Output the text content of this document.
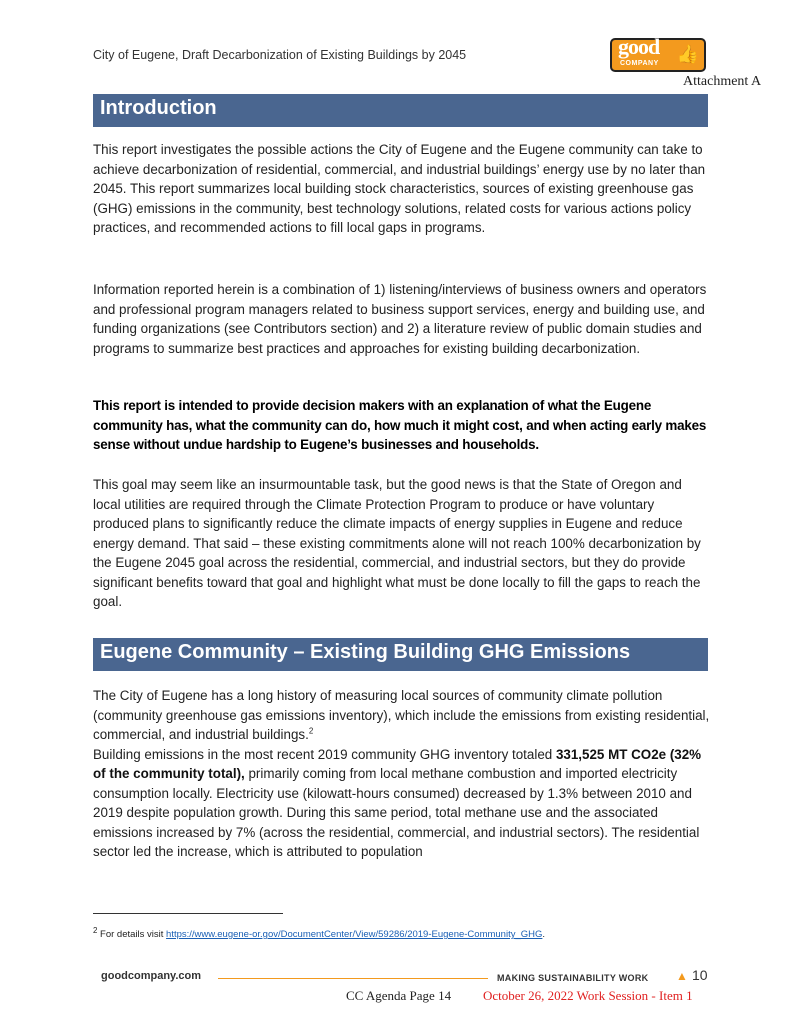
City of Eugene, Draft Decarbonization of Existing Buildings by 2045	good
COMPANY 👍
Attachment A
Introduction
This report investigates the possible actions the City of Eugene and the Eugene community can take to achieve decarbonization of residential, commercial, and industrial buildings’ energy use by no later than 2045. This report summarizes local building stock characteristics, sources of existing greenhouse gas (GHG) emissions in the community, best technology solutions, related costs for various actions policy practices, and recommended actions to fill local gaps in programs.
Information reported herein is a combination of 1) listening/interviews of business owners and operators and professional program managers related to business support services, energy and building use, and funding organizations (see Contributors section) and 2) a literature review of public domain studies and programs to summarize best practices and approaches for existing building decarbonization.
This report is intended to provide decision makers with an explanation of what the Eugene community has, what the community can do, how much it might cost, and when acting early makes sense without undue hardship to Eugene’s businesses and households.
This goal may seem like an insurmountable task, but the good news is that the State of Oregon and local utilities are required through the Climate Protection Program to produce or have voluntary produced plans to significantly reduce the climate impacts of energy supplies in Eugene and reduce energy demand. That said – these existing commitments alone will not reach 100% decarbonization by the Eugene 2045 goal across the residential, commercial, and industrial sectors, but they do provide significant benefits toward that goal and highlight what must be done locally to fill the gaps to reach the goal.
Eugene Community – Existing Building GHG Emissions
The City of Eugene has a long history of measuring local sources of community climate pollution (community greenhouse gas emissions inventory), which include the emissions from existing residential, commercial, and industrial buildings.$^2$
Building emissions in the most recent 2019 community GHG inventory totaled 331,525 MT CO2e (32% of the community total), primarily coming from local methane combustion and imported electricity consumption locally. Electricity use (kilowatt-hours consumed) decreased by 1.3% between 2010 and 2019 despite population growth. During this same period, total methane use and the associated emissions increased by 7% (across the residential, commercial, and industrial sectors). The residential sector led the increase, which is attributed to population
$^2$ For details visit https://www.eugene-or.gov/DocumentCenter/View/59286/2019-Eugene-Community_GHG.
goodcompany.com	MAKING SUSTAINABILITY WORK ▲ 10
CC Agenda Page 14 October 26, 2022 Work Session - Item 1
